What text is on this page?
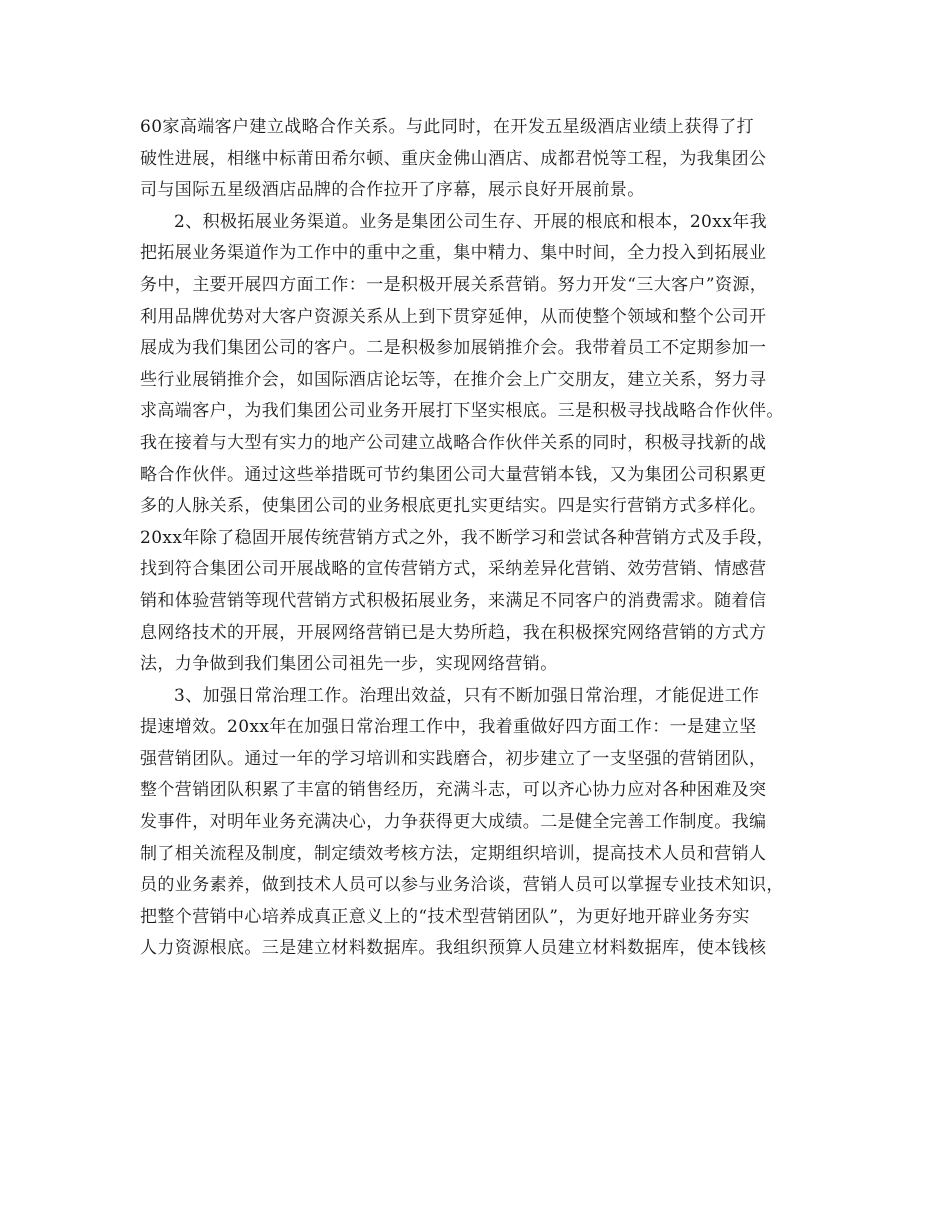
60家高端客户建立战略合作关系。与此同时，在开发五星级酒店业绩上获得了打
破性进展，相继中标莆田希尔顿、重庆金佛山酒店、成都君悦等工程，为我集团公
司与国际五星级酒店品牌的合作拉开了序幕，展示良好开展前景。
2、积极拓展业务渠道。业务是集团公司生存、开展的根底和根本，20xx年我
把拓展业务渠道作为工作中的重中之重，集中精力、集中时间，全力投入到拓展业
务中，主要开展四方面工作：一是积极开展关系营销。努力开发“三大客户”资源，
利用品牌优势对大客户资源关系从上到下贯穿延伸，从而使整个领域和整个公司开
展成为我们集团公司的客户。二是积极参加展销推介会。我带着员工不定期参加一
些行业展销推介会，如国际酒店论坛等，在推介会上广交朋友，建立关系，努力寻
求高端客户，为我们集团公司业务开展打下坚实根底。三是积极寻找战略合作伙伴。
我在接着与大型有实力的地产公司建立战略合作伙伴关系的同时，积极寻找新的战
略合作伙伴。通过这些举措既可节约集团公司大量营销本钱，又为集团公司积累更
多的人脉关系，使集团公司的业务根底更扎实更结实。四是实行营销方式多样化。
20xx年除了稳固开展传统营销方式之外，我不断学习和尝试各种营销方式及手段，
找到符合集团公司开展战略的宣传营销方式，采纳差异化营销、效劳营销、情感营
销和体验营销等现代营销方式积极拓展业务，来满足不同客户的消费需求。随着信
息网络技术的开展，开展网络营销已是大势所趋，我在积极探究网络营销的方式方
法，力争做到我们集团公司祖先一步，实现网络营销。
3、加强日常治理工作。治理出效益，只有不断加强日常治理，才能促进工作
提速增效。20xx年在加强日常治理工作中，我着重做好四方面工作：一是建立坚
强营销团队。通过一年的学习培训和实践磨合，初步建立了一支坚强的营销团队，
整个营销团队积累了丰富的销售经历，充满斗志，可以齐心协力应对各种困难及突
发事件，对明年业务充满决心，力争获得更大成绩。二是健全完善工作制度。我编
制了相关流程及制度，制定绩效考核方法，定期组织培训，提高技术人员和营销人
员的业务素养，做到技术人员可以参与业务洽谈，营销人员可以掌握专业技术知识，
把整个营销中心培养成真正意义上的“技术型营销团队”，为更好地开辟业务夯实
人力资源根底。三是建立材料数据库。我组织预算人员建立材料数据库，使本钱核
